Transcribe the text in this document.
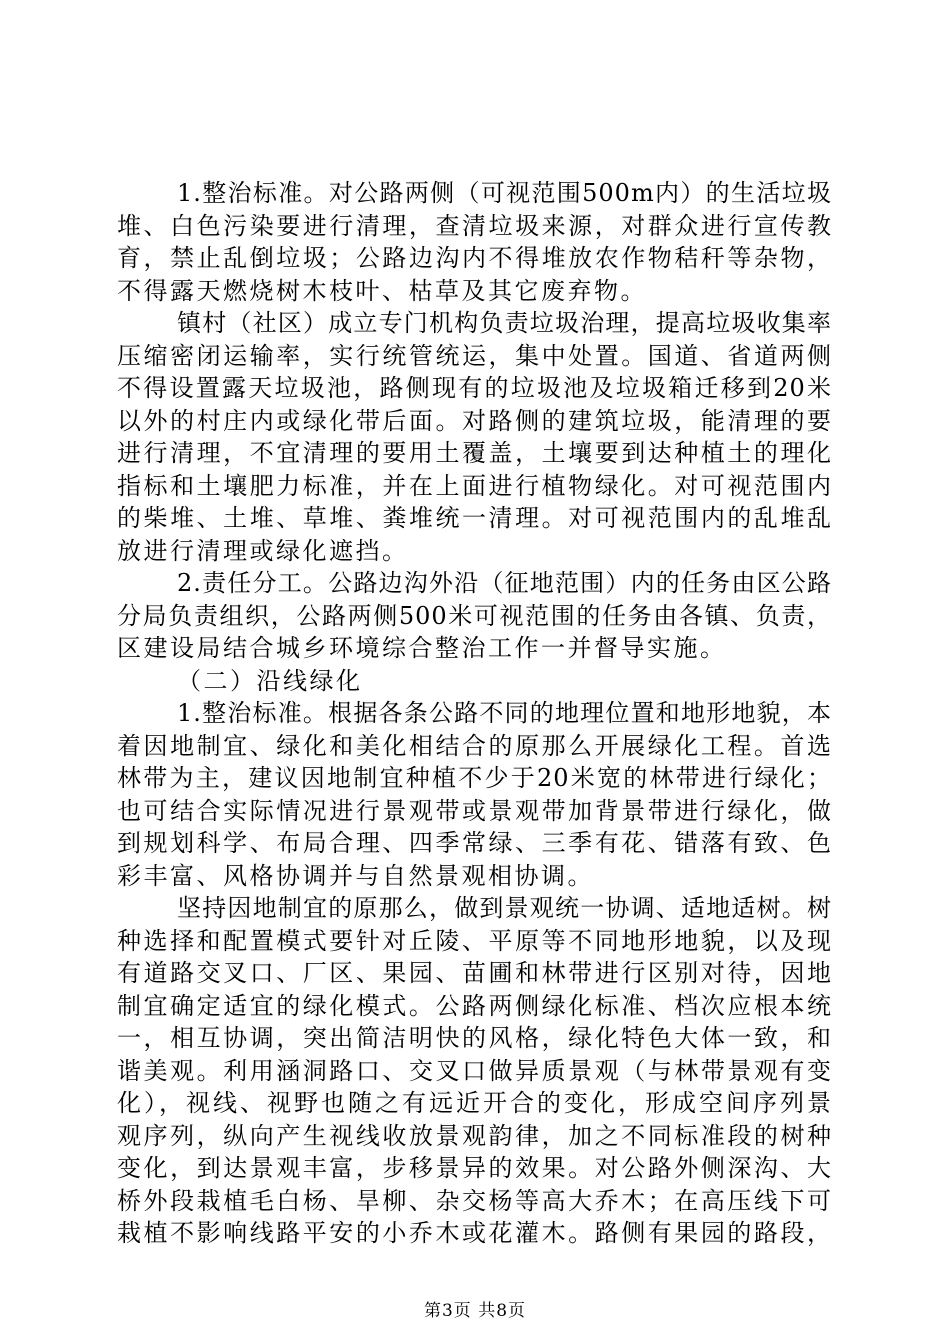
1.整治标准。对公路两侧（可视范围500m内）的生活垃圾
堆、白色污染要进行清理，查清垃圾来源，对群众进行宣传教
育，禁止乱倒垃圾；公路边沟内不得堆放农作物秸秆等杂物，
不得露天燃烧树木枝叶、枯草及其它废弃物。
镇村（社区）成立专门机构负责垃圾治理，提高垃圾收集率
压缩密闭运输率，实行统管统运，集中处置。国道、省道两侧
不得设置露天垃圾池，路侧现有的垃圾池及垃圾箱迁移到20米
以外的村庄内或绿化带后面。对路侧的建筑垃圾，能清理的要
进行清理，不宜清理的要用土覆盖，土壤要到达种植土的理化
指标和土壤肥力标准，并在上面进行植物绿化。对可视范围内
的柴堆、土堆、草堆、粪堆统一清理。对可视范围内的乱堆乱
放进行清理或绿化遮挡。
2.责任分工。公路边沟外沿（征地范围）内的任务由区公路
分局负责组织，公路两侧500米可视范围的任务由各镇、负责，
区建设局结合城乡环境综合整治工作一并督导实施。
（二）沿线绿化
1.整治标准。根据各条公路不同的地理位置和地形地貌，本
着因地制宜、绿化和美化相结合的原那么开展绿化工程。首选
林带为主，建议因地制宜种植不少于20米宽的林带进行绿化；
也可结合实际情况进行景观带或景观带加背景带进行绿化，做
到规划科学、布局合理、四季常绿、三季有花、错落有致、色
彩丰富、风格协调并与自然景观相协调。
坚持因地制宜的原那么，做到景观统一协调、适地适树。树
种选择和配置模式要针对丘陵、平原等不同地形地貌，以及现
有道路交叉口、厂区、果园、苗圃和林带进行区别对待，因地
制宜确定适宜的绿化模式。公路两侧绿化标准、档次应根本统
一，相互协调，突出简洁明快的风格，绿化特色大体一致，和
谐美观。利用涵洞路口、交叉口做异质景观（与林带景观有变
化），视线、视野也随之有远近开合的变化，形成空间序列景
观序列，纵向产生视线收放景观韵律，加之不同标准段的树种
变化，到达景观丰富，步移景异的效果。对公路外侧深沟、大
桥外段栽植毛白杨、旱柳、杂交杨等高大乔木；在高压线下可
栽植不影响线路平安的小乔木或花灌木。路侧有果园的路段，
第3页 共8页
